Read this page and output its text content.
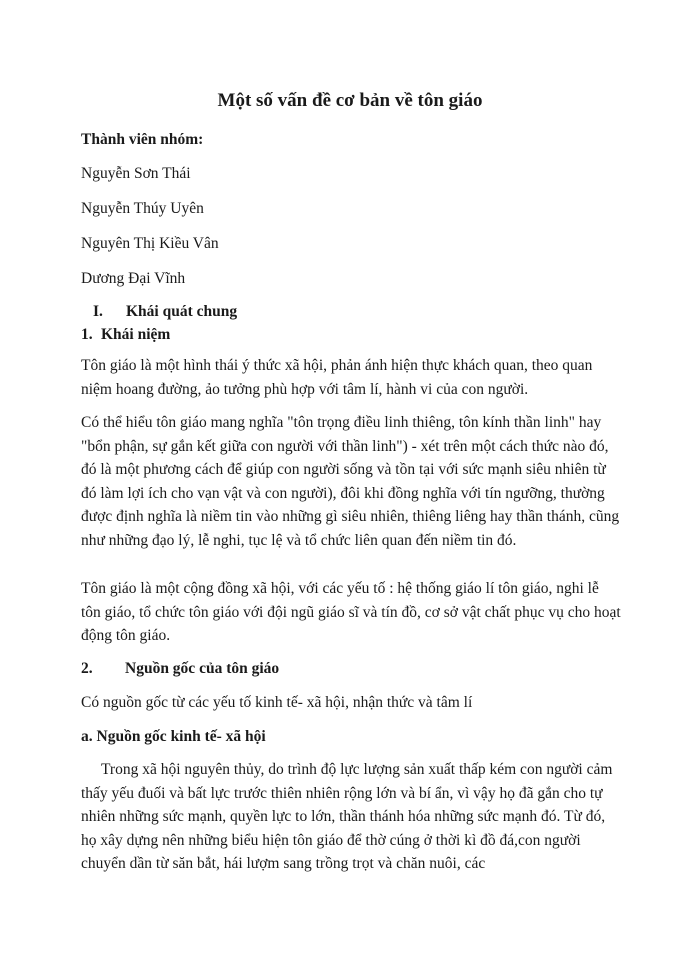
Một số vấn đề cơ bản về tôn giáo
Thành viên nhóm:
Nguyễn Sơn Thái
Nguyễn Thúy Uyên
Nguyên Thị Kiều Vân
Dương Đại Vĩnh
I. Khái quát chung
1. Khái niệm
Tôn giáo là một hình thái ý thức xã hội, phản ánh hiện thực khách quan, theo quan niệm hoang đường, ảo tưởng phù hợp với tâm lí, hành vi của con người.
Có thể hiểu tôn giáo mang nghĩa "tôn trọng điều linh thiêng, tôn kính thần linh" hay "bổn phận, sự gắn kết giữa con người với thần linh") - xét trên một cách thức nào đó, đó là một phương cách để giúp con người sống và tồn tại với sức mạnh siêu nhiên từ đó làm lợi ích cho vạn vật và con người), đôi khi đồng nghĩa với tín ngưỡng, thường được định nghĩa là niềm tin vào những gì siêu nhiên, thiêng liêng hay thần thánh, cũng như những đạo lý, lễ nghi, tục lệ và tổ chức liên quan đến niềm tin đó.
Tôn giáo là một cộng đồng xã hội, với các yếu tố : hệ thống giáo lí tôn giáo, nghi lễ tôn giáo, tổ chức tôn giáo với đội ngũ giáo sĩ và tín đồ, cơ sở vật chất phục vụ cho hoạt động tôn giáo.
2. Nguồn gốc của tôn giáo
Có nguồn gốc từ các yếu tố kinh tế- xã hội, nhận thức và tâm lí
a. Nguồn gốc kinh tế- xã hội
Trong xã hội nguyên thủy, do trình độ lực lượng sản xuất thấp kém con người cảm thấy yếu đuối và bất lực trước thiên nhiên rộng lớn và bí ẩn, vì vậy họ đã gắn cho tự nhiên những sức mạnh, quyền lực to lớn, thần thánh hóa những sức mạnh đó. Từ đó, họ xây dựng nên những biểu hiện tôn giáo để thờ cúng ở thời kì đồ đá,con người chuyển dần từ săn bắt, hái lượm sang trồng trọt và chăn nuôi, các
